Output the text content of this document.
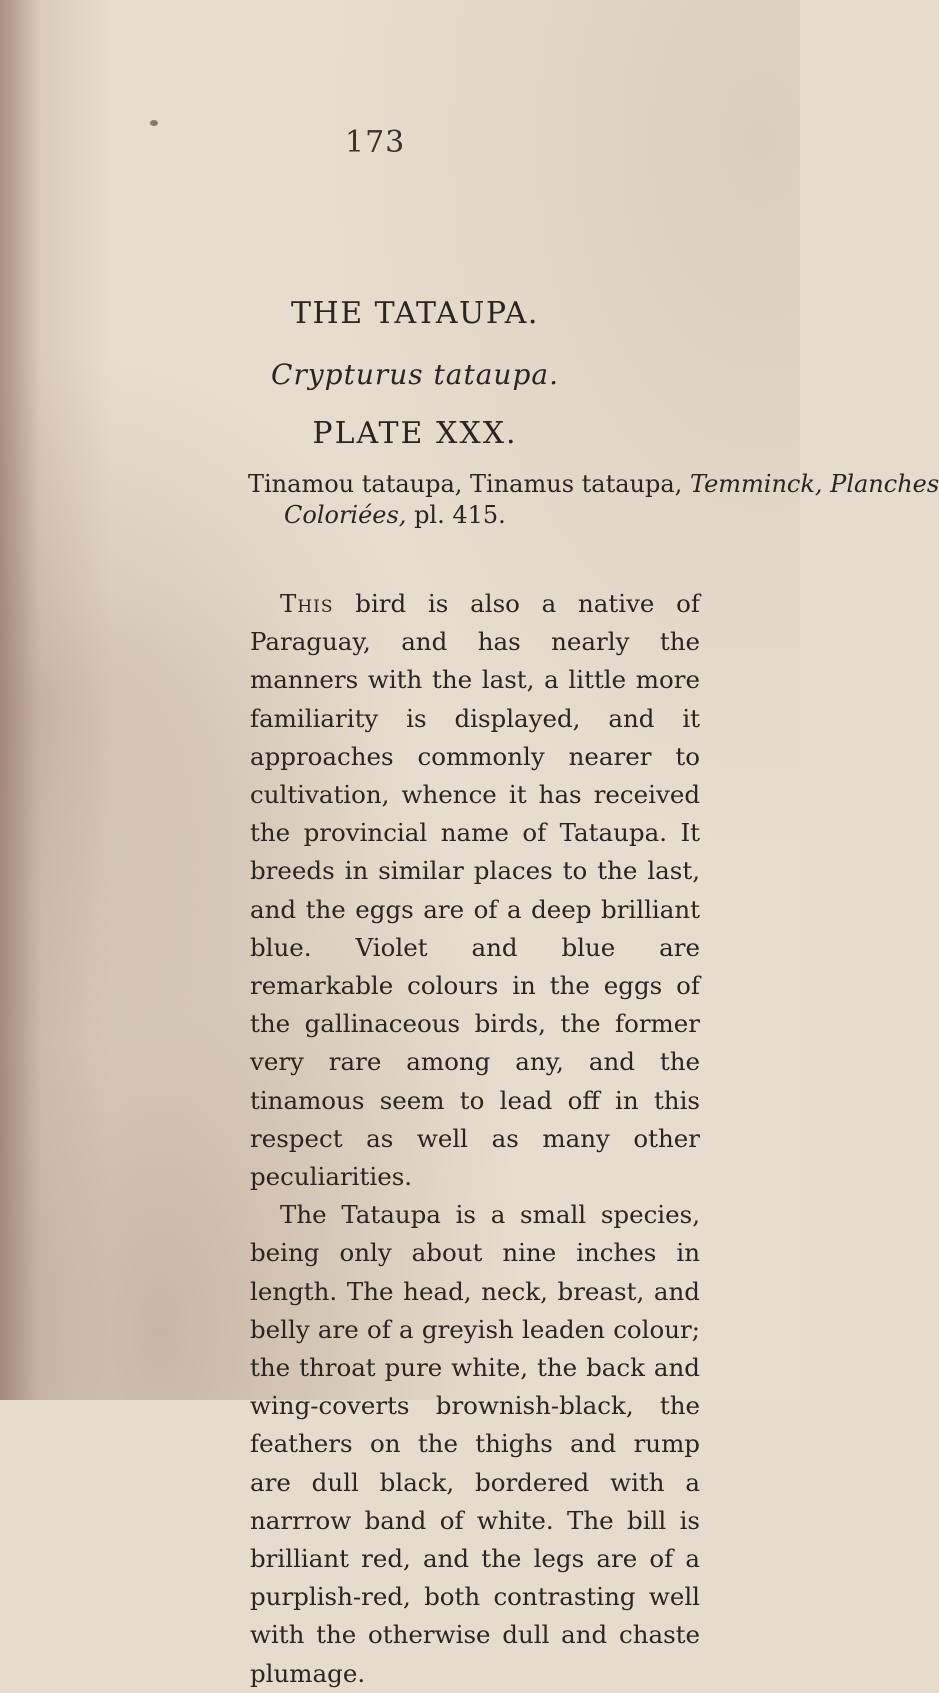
173
THE TATAUPA.
Crypturus tataupa.
PLATE XXX.
Tinamou tataupa, Tinamus tataupa, Temminck, Planches
Coloriées, pl. 415.

This bird is also a native of Paraguay, and has nearly the manners with the last, a little more familiarity is displayed, and it approaches commonly nearer to cultivation, whence it has received the provincial name of Tataupa. It breeds in similar places to the last, and the eggs are of a deep brilliant blue. Violet and blue are remarkable colours in the eggs of the gallinaceous birds, the former very rare among any, and the tinamous seem to lead off in this respect as well as many other peculiarities.

The Tataupa is a small species, being only about nine inches in length. The head, neck, breast, and belly are of a greyish leaden colour; the throat pure white, the back and wing-coverts brownish-black, the feathers on the thighs and rump are dull black, bordered with a narrrow band of white. The bill is brilliant red, and the legs are of a purplish-red, both contrasting well with the otherwise dull and chaste plumage.
